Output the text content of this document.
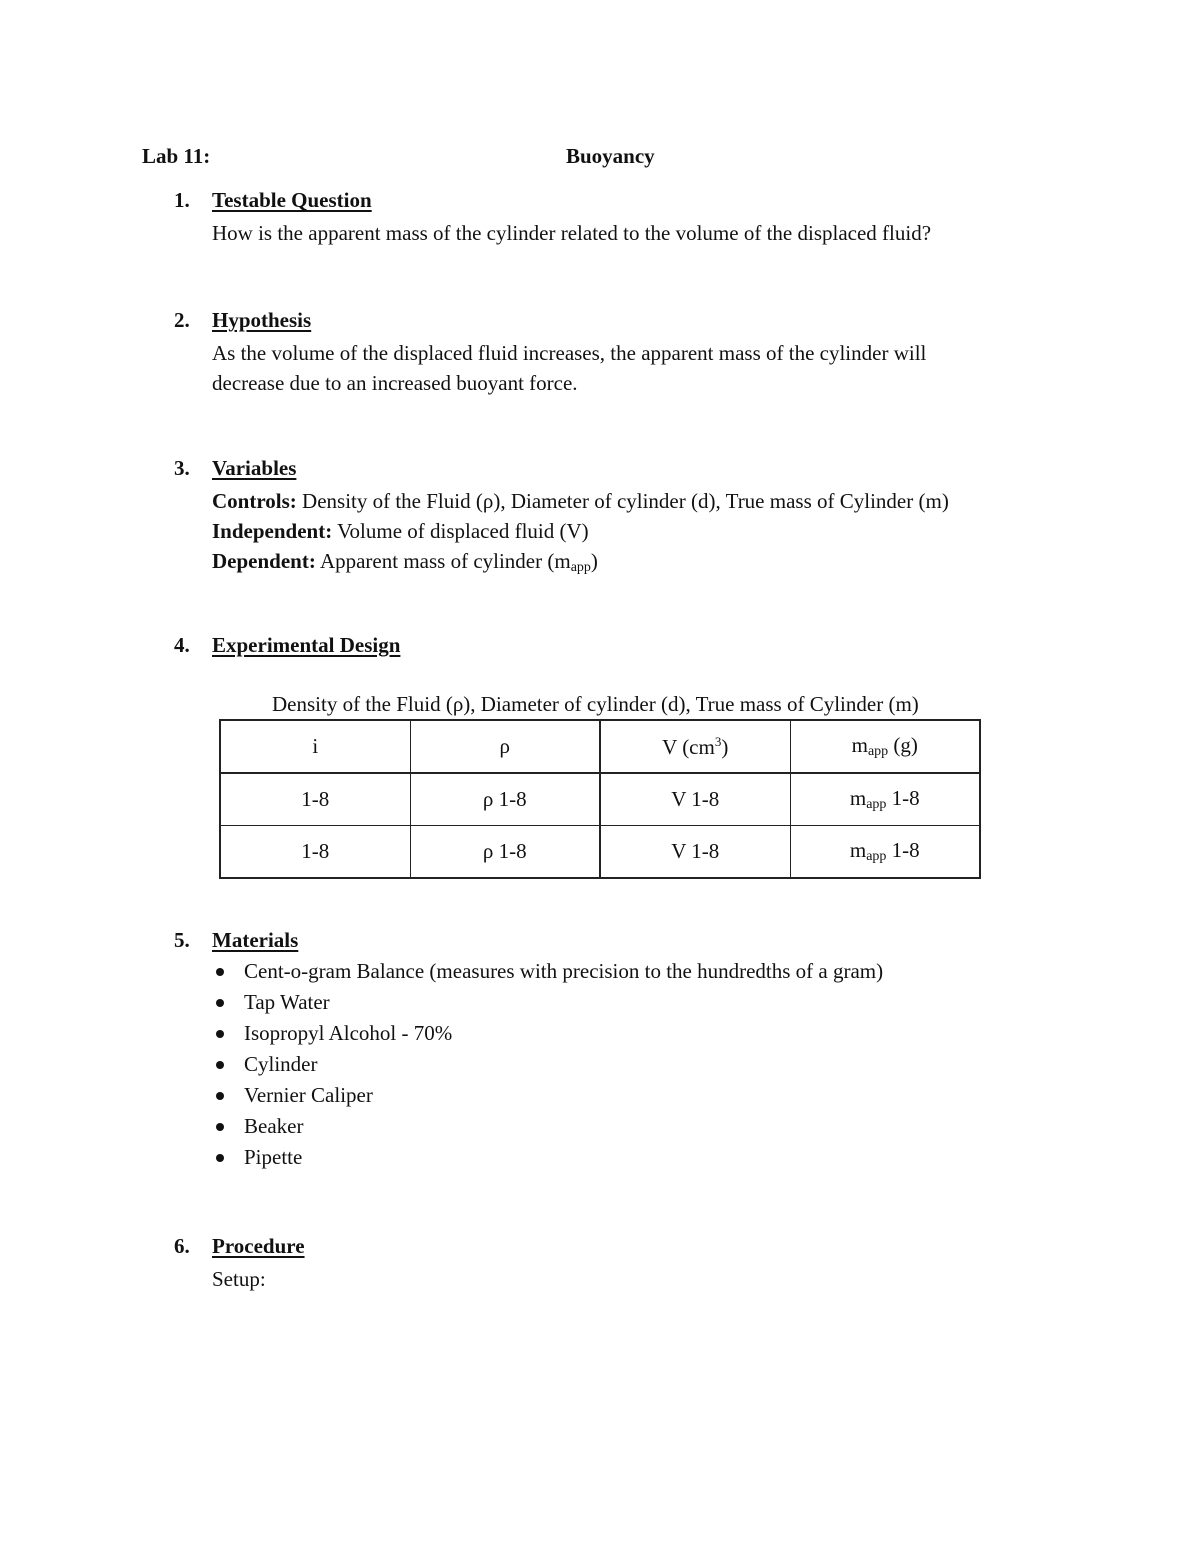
Lab 11:	Buoyancy
1. Testable Question

How is the apparent mass of the cylinder related to the volume of the displaced fluid?

2. Hypothesis

As the volume of the displaced fluid increases, the apparent mass of the cylinder will

decrease due to an increased buoyant force.

3. Variables

Controls: Density of the Fluid (ρ), Diameter of cylinder (d), True mass of Cylinder (m)

Independent: Volume of displaced fluid (V)

Dependent: Apparent mass of cylinder $(m_{app})$

4. Experimental Design
Density of the Fluid (ρ), Diameter of cylinder (d), True mass of Cylinder (m)
i	ρ	V $(cm^3)$	$m_{app}$ (g)
1-8	ρ 1-8	V 1-8	$m_{app}$ 1-8
1-8	ρ 1-8	V 1-8	$m_{app}$ 1-8
5. Materials
Cent-o-gram Balance (measures with precision to the hundredths of a gram)
Tap Water
Isopropyl Alcohol - 70%
Cylinder
Vernier Caliper
Beaker
Pipette
6. Procedure

Setup:
